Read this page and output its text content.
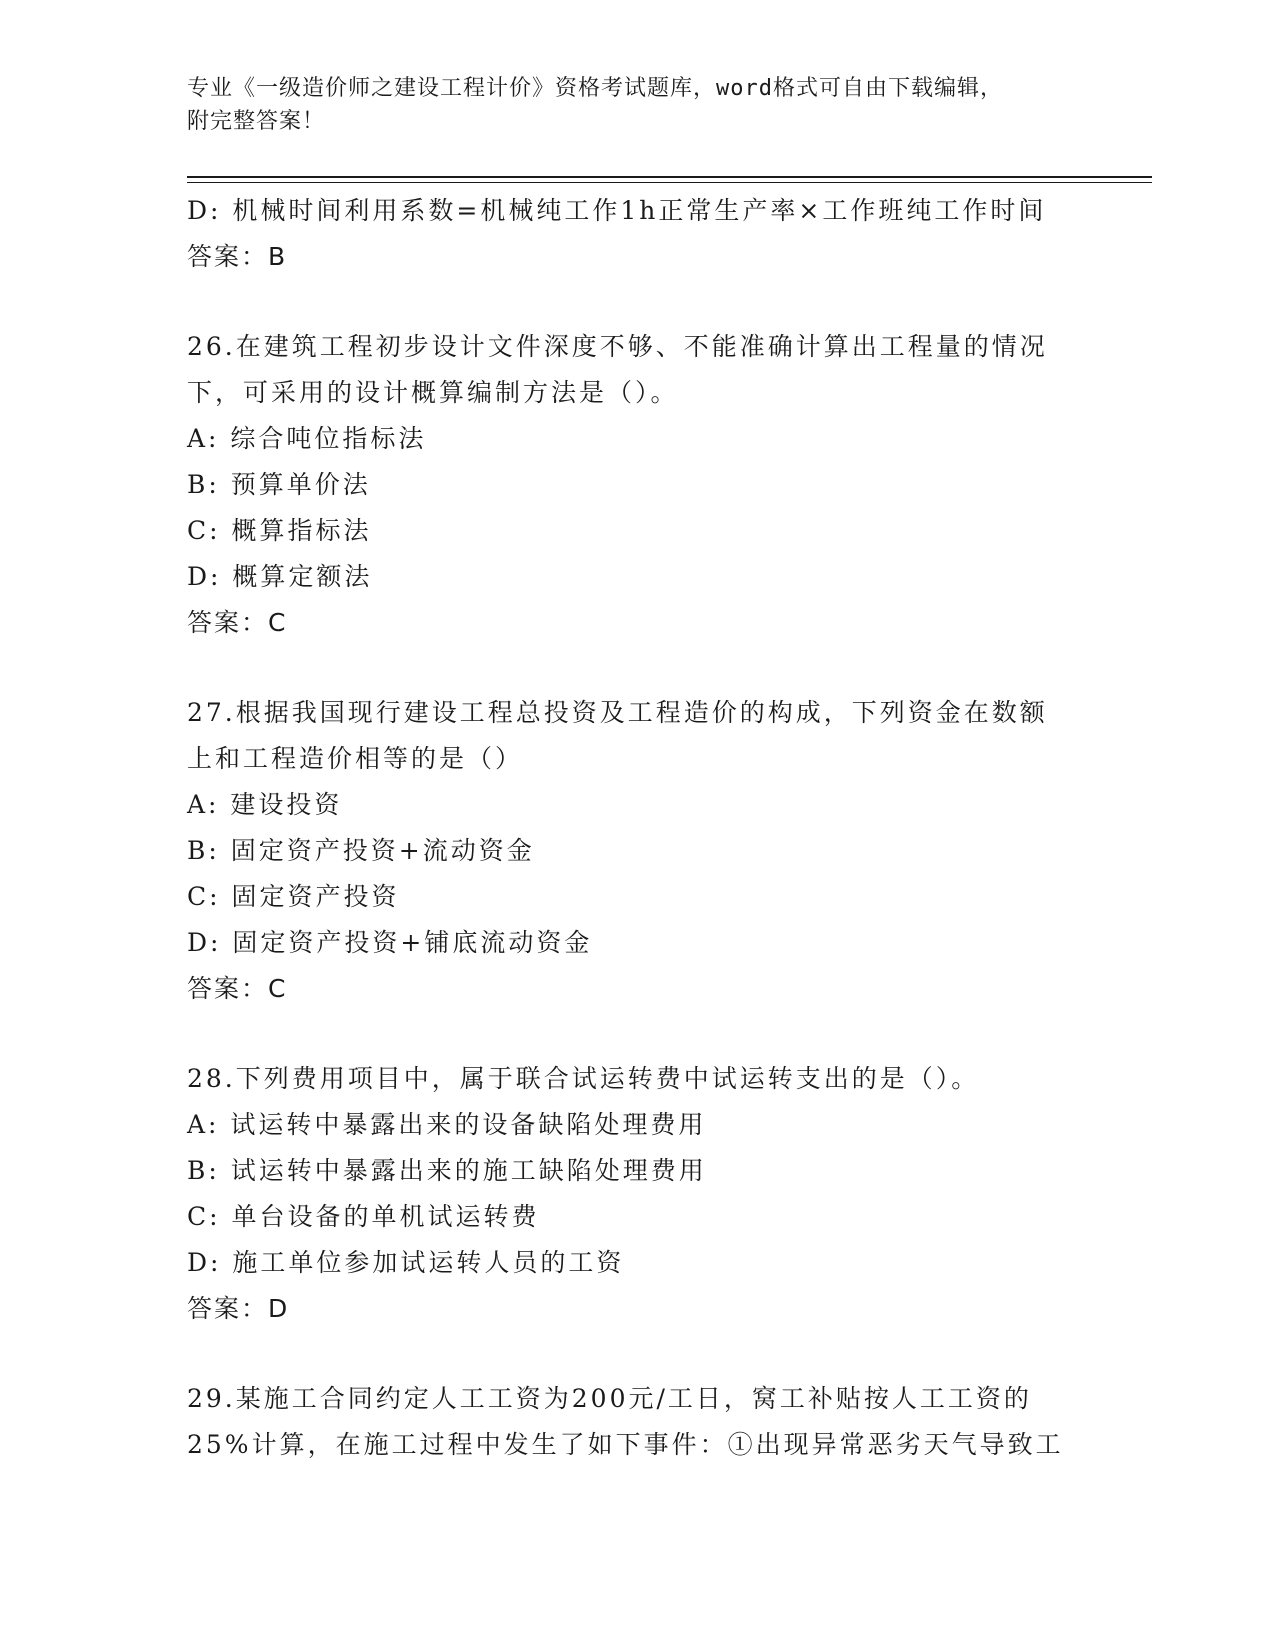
专业《一级造价师之建设工程计价》资格考试题库，word格式可自由下载编辑，

附完整答案！

D: 机械时间利用系数=机械纯工作1h正常生产率×工作班纯工作时间
答案：B
26.在建筑工程初步设计文件深度不够、不能准确计算出工程量的情况
下，可采用的设计概算编制方法是（）。
A: 综合吨位指标法
B: 预算单价法
C: 概算指标法
D: 概算定额法
答案：C
27.根据我国现行建设工程总投资及工程造价的构成，下列资金在数额
上和工程造价相等的是（）
A: 建设投资
B: 固定资产投资+流动资金
C: 固定资产投资
D: 固定资产投资+铺底流动资金
答案：C
28.下列费用项目中，属于联合试运转费中试运转支出的是（）。
A: 试运转中暴露出来的设备缺陷处理费用
B: 试运转中暴露出来的施工缺陷处理费用
C: 单台设备的单机试运转费
D: 施工单位参加试运转人员的工资
答案：D
29.某施工合同约定人工工资为200元/工日，窝工补贴按人工工资的
25%计算，在施工过程中发生了如下事件：①出现异常恶劣天气导致工
